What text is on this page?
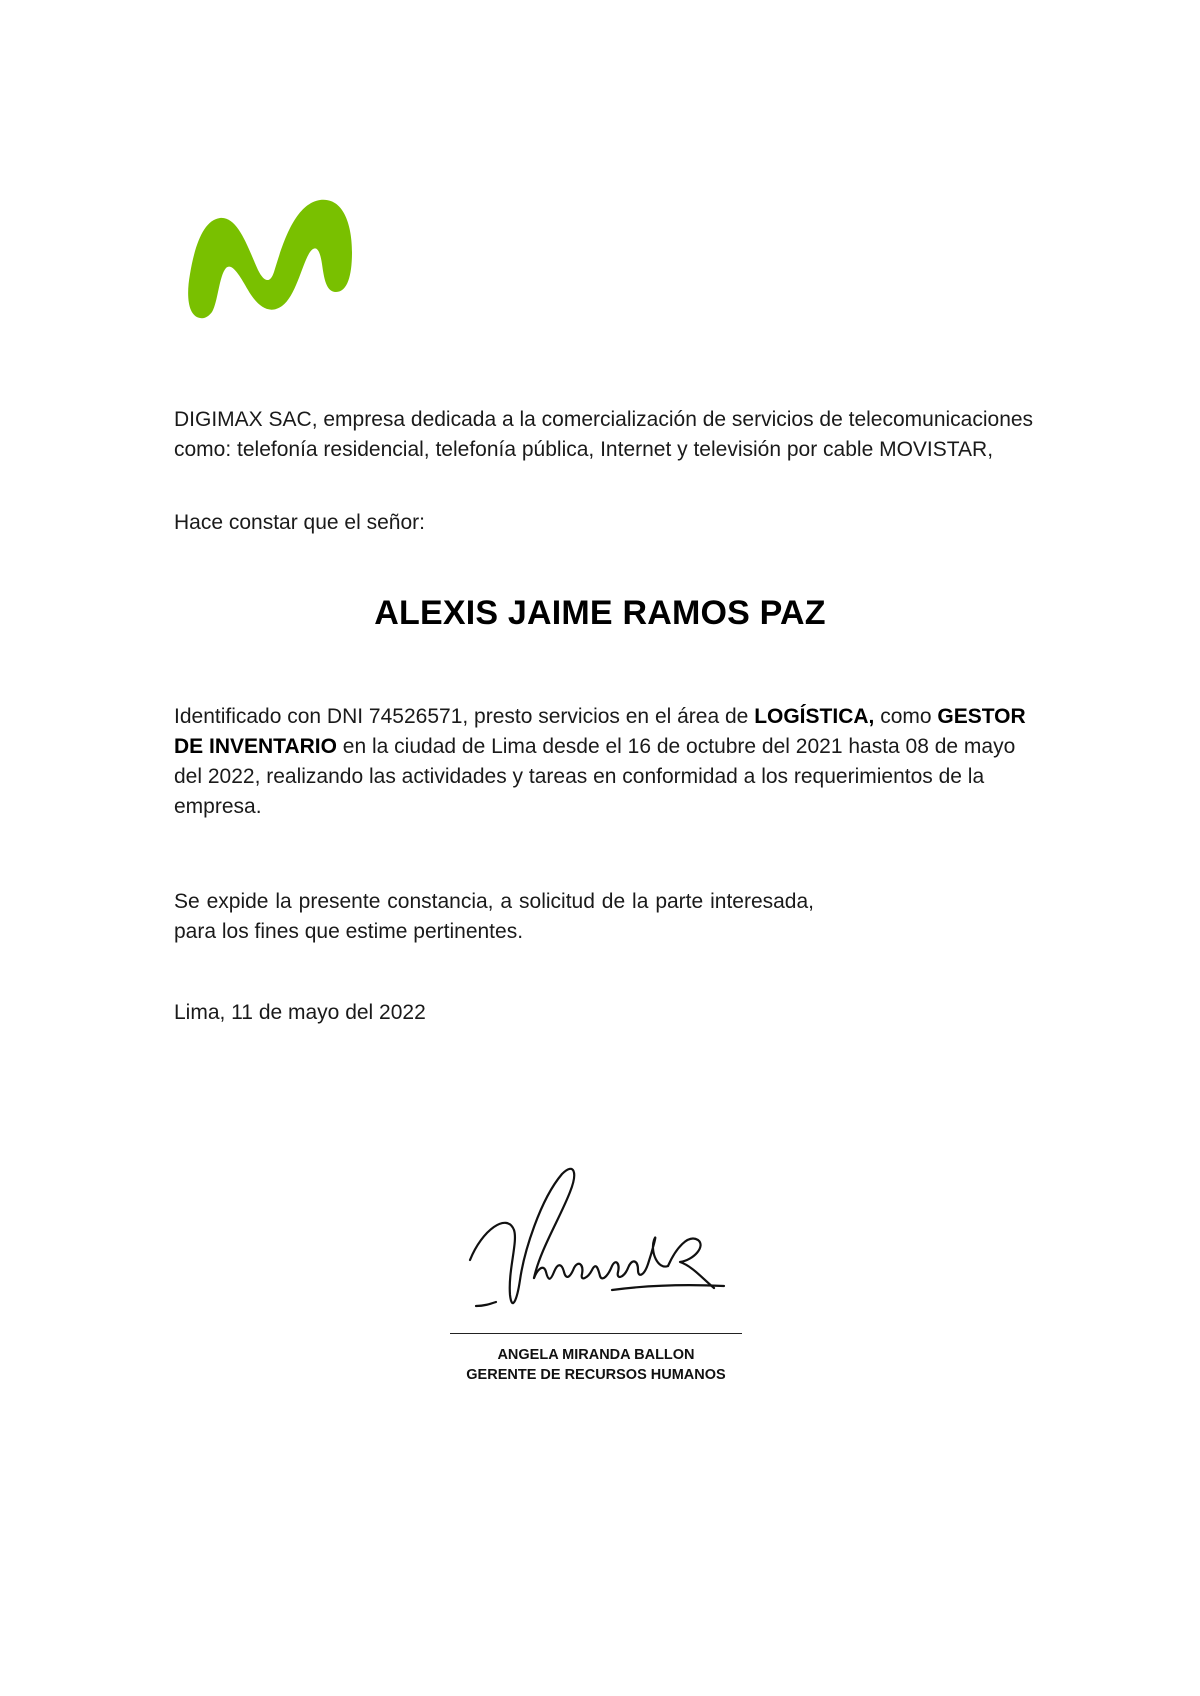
DIGIMAX SAC, empresa dedicada a la comercialización de servicios de telecomunicaciones como: telefonía residencial, telefonía pública, Internet y televisión por cable MOVISTAR,

Hace constar que el señor:

ALEXIS JAIME RAMOS PAZ

Identificado con DNI 74526571, presto servicios en el área de LOGÍSTICA, como GESTOR DE INVENTARIO en la ciudad de Lima desde el 16 de octubre del 2021 hasta 08 de mayo del 2022, realizando las actividades y tareas en conformidad a los requerimientos de la empresa.

Se expide la presente constancia, a solicitud de la parte interesada, para los fines que estime pertinentes.

Lima, 11 de mayo del 2022

ANGELA MIRANDA BALLON
GERENTE DE RECURSOS HUMANOS
